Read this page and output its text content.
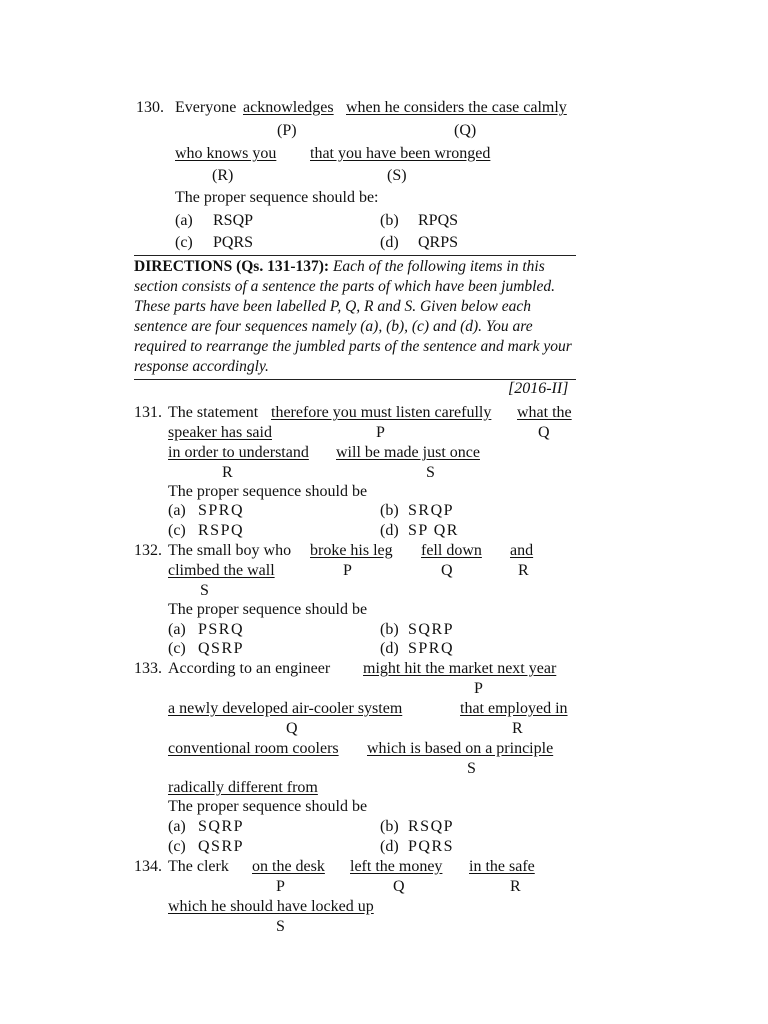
130. Everyone acknowledges when he considers the case calmly
(P)	(Q)
who knows you that you have been wronged
(R)	(S)
The proper sequence should be:
(a) RSQP	(b) RPQS
(c) PQRS	(d) QRPS
DIRECTIONS (Qs. 131-137): Each of the following items in this section consists of a sentence the parts of which have been jumbled. These parts have been labelled P, Q, R and S. Given below each sentence are four sequences namely (a), (b), (c) and (d). You are required to rearrange the jumbled parts of the sentence and mark your response accordingly.
[2016-II]
131. The statement therefore you must listen carefully what the
speaker has said	P	Q
in order to understand will be made just once
R	S
The proper sequence should be
(a) SPRQ	(b) SRQP
(c) RSPQ	(d) SP QR
132. The small boy who broke his leg fell down and
climbed the wall	P	Q	R
S
The proper sequence should be
(a) PSRQ	(b) SQRP
(c) QSRP	(d) SPRQ
133. According to an engineer might hit the market next year
P
a newly developed air-cooler system	that employed in
Q	R
conventional room coolers which is based on a principle
S
radically different from
The proper sequence should be
(a) SQRP	(b) RSQP
(c) QSRP	(d) PQRS
134. The clerk on the desk left the money in the safe
P	Q	R
which he should have locked up
S
